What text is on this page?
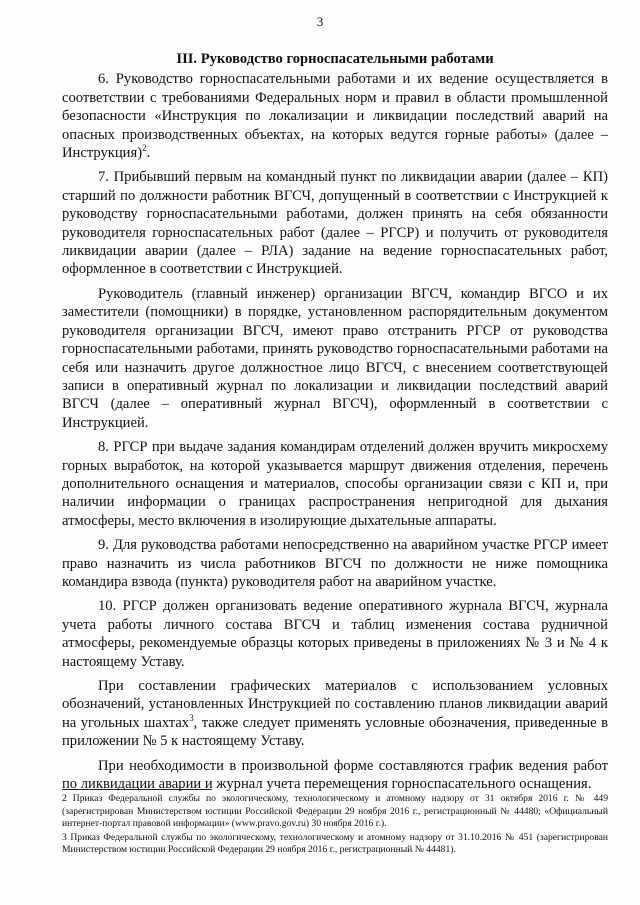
3

III. Руководство горноспасательными работами

6. Руководство горноспасательными работами и их ведение осуществляется в соответствии с требованиями Федеральных норм и правил в области промышленной безопасности «Инструкция по локализации и ликвидации последствий аварий на опасных производственных объектах, на которых ведутся горные работы» (далее – Инструкция)$^2$.

7. Прибывший первым на командный пункт по ликвидации аварии (далее – КП) старший по должности работник ВГСЧ, допущенный в соответствии с Инструкцией к руководству горноспасательными работами, должен принять на себя обязанности руководителя горноспасательных работ (далее – РГСР) и получить от руководителя ликвидации аварии (далее – РЛА) задание на ведение горноспасательных работ, оформленное в соответствии с Инструкцией.

Руководитель (главный инженер) организации ВГСЧ, командир ВГСО и их заместители (помощники) в порядке, установленном распорядительным документом руководителя организации ВГСЧ, имеют право отстранить РГСР от руководства горноспасательными работами, принять руководство горноспасательными работами на себя или назначить другое должностное лицо ВГСЧ, с внесением соответствующей записи в оперативный журнал по локализации и ликвидации последствий аварий ВГСЧ (далее – оперативный журнал ВГСЧ), оформленный в соответствии с Инструкцией.

8. РГСР при выдаче задания командирам отделений должен вручить микросхему горных выработок, на которой указывается маршрут движения отделения, перечень дополнительного оснащения и материалов, способы организации связи с КП и, при наличии информации о границах распространения непригодной для дыхания атмосферы, место включения в изолирующие дыхательные аппараты.

9. Для руководства работами непосредственно на аварийном участке РГСР имеет право назначить из числа работников ВГСЧ по должности не ниже помощника командира взвода (пункта) руководителя работ на аварийном участке.

10. РГСР должен организовать ведение оперативного журнала ВГСЧ, журнала учета работы личного состава ВГСЧ и таблиц изменения состава рудничной атмосферы, рекомендуемые образцы которых приведены в приложениях № 3 и № 4 к настоящему Уставу.

При составлении графических материалов с использованием условных обозначений, установленных Инструкцией по составлению планов ликвидации аварий на угольных шахтах$^3$, также следует применять условные обозначения, приведенные в приложении № 5 к настоящему Уставу.

При необходимости в произвольной форме составляются график ведения работ по ликвидации аварии и журнал учета перемещения горноспасательного оснащения.

2 Приказ Федеральной службы по экологическому, технологическому и атомному надзору от 31 октября 2016 г. № 449 (зарегистрирован Министерством юстиции Российской Федерации 29 ноября 2016 г., регистрационный № 44480; «Официальный интернет-портал правовой информации» (www.pravo.gov.ru) 30 ноября 2016 г.).

3 Приказ Федеральной службы по экологическому, технологическому и атомному надзору от 31.10.2016 № 451 (зарегистрирован Министерством юстиции Российской Федерации 29 ноября 2016 г., регистрационный № 44481).
